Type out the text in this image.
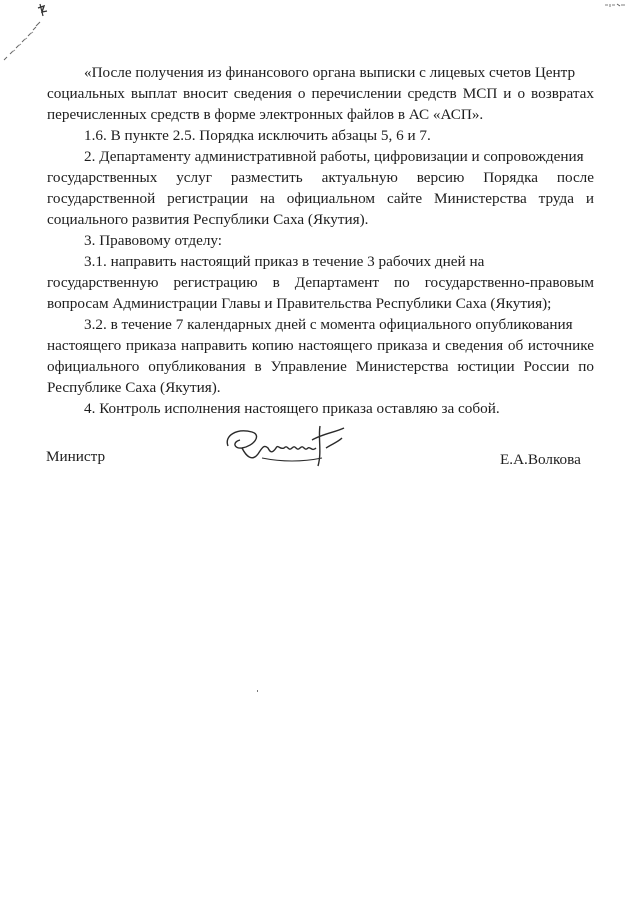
«После получения из финансового органа выписки с лицевых счетов Центр
социальных выплат вносит сведения о перечислении средств МСП и о возвратах
перечисленных средств в форме электронных файлов в АС «АСП».
1.6. В пункте 2.5. Порядка исключить абзацы 5, 6 и 7.
2. Департаменту административной работы, цифровизации и сопровождения
государственных услуг разместить актуальную версию Порядка после
государственной регистрации на официальном сайте Министерства труда и
социального развития Республики Саха (Якутия).
3. Правовому отделу:
3.1. направить настоящий приказ в течение 3 рабочих дней на
государственную регистрацию в Департамент по государственно-правовым
вопросам Администрации Главы и Правительства Республики Саха (Якутия);
3.2. в течение 7 календарных дней с момента официального опубликования
настоящего приказа направить копию настоящего приказа и сведения об источнике
официального опубликования в Управление Министерства юстиции России по
Республике Саха (Якутия).
4. Контроль исполнения настоящего приказа оставляю за собой.
Министр	Е.А.Волкова
